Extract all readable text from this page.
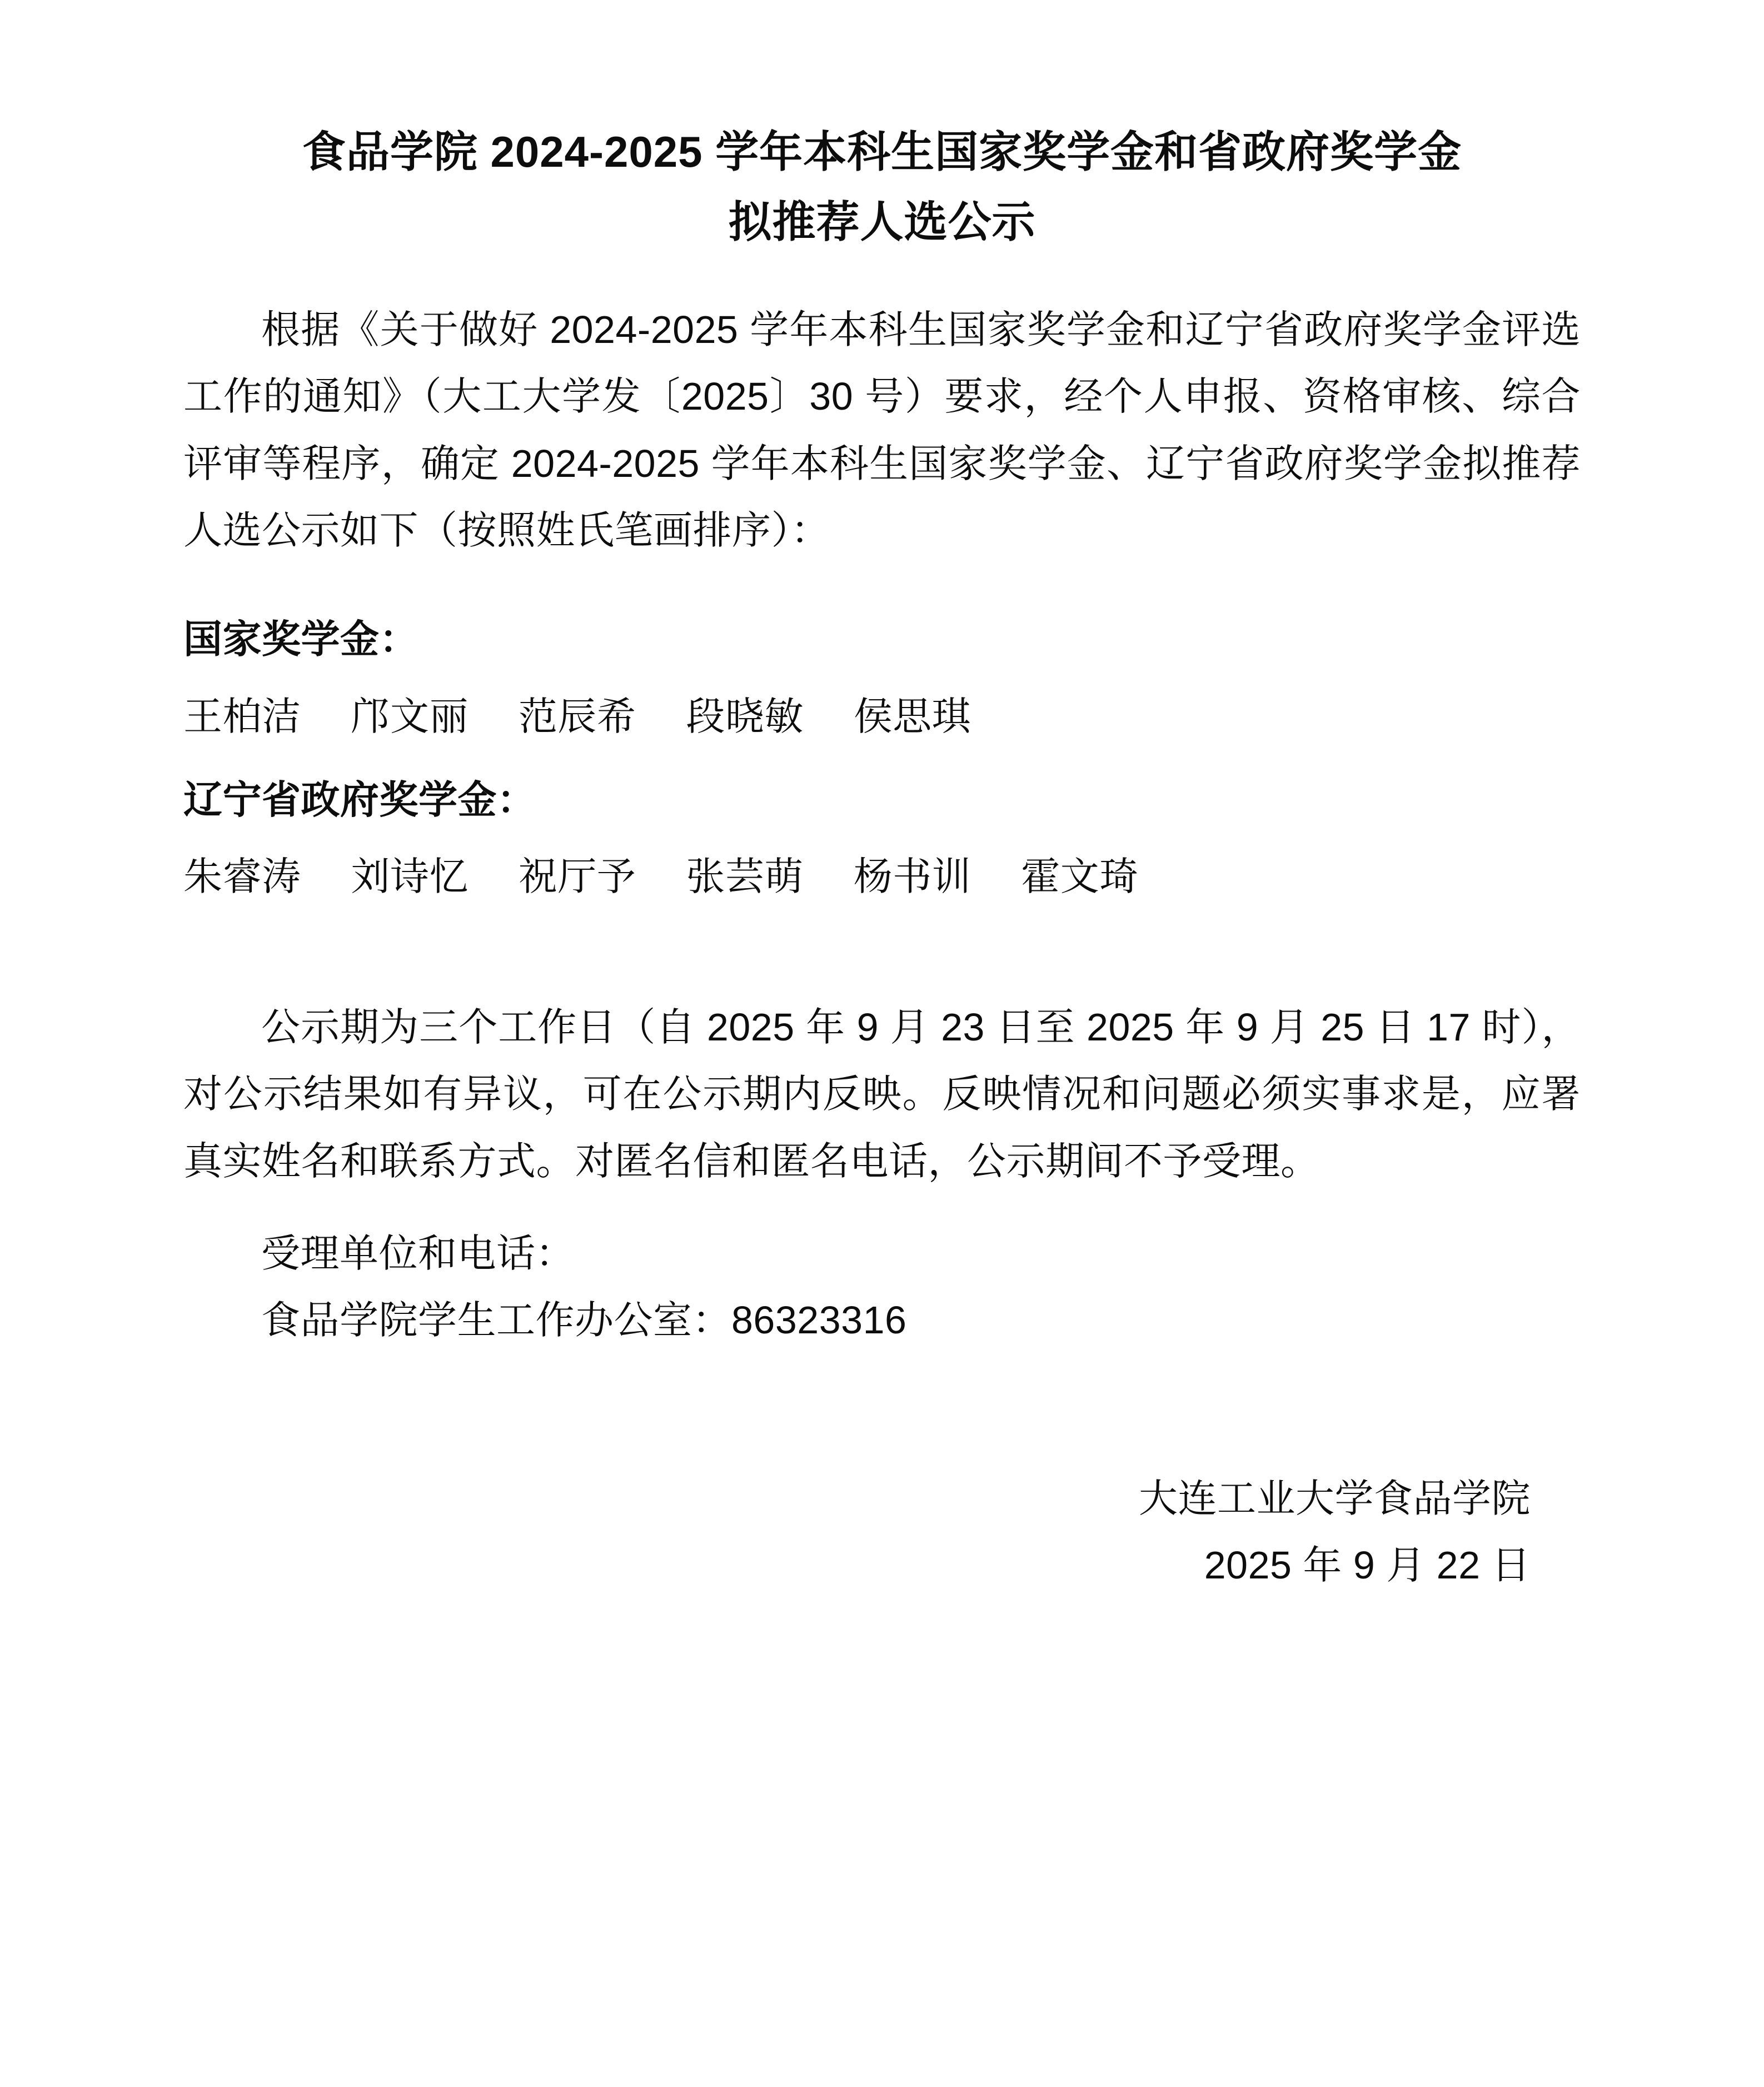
食品学院 2024-2025 学年本科生国家奖学金和省政府奖学金
拟推荐人选公示

根据《关于做好 2024-2025 学年本科生国家奖学金和辽宁省政府奖学金评选工作的通知》（大工大学发〔2025〕30 号）要求，经个人申报、资格审核、综合评审等程序，确定 2024-2025 学年本科生国家奖学金、辽宁省政府奖学金拟推荐人选公示如下（按照姓氏笔画排序）：

国家奖学金：
王柏洁 邝文丽 范辰希 段晓敏 侯思琪
辽宁省政府奖学金：
朱睿涛 刘诗忆 祝厅予 张芸萌 杨书训 霍文琦

公示期为三个工作日（自 2025 年 9 月 23 日至 2025 年 9 月 25 日 17 时），对公示结果如有异议，可在公示期内反映。反映情况和问题必须实事求是，应署真实姓名和联系方式。对匿名信和匿名电话，公示期间不予受理。

受理单位和电话：

食品学院学生工作办公室：86323316

大连工业大学食品学院
2025 年 9 月 22 日
